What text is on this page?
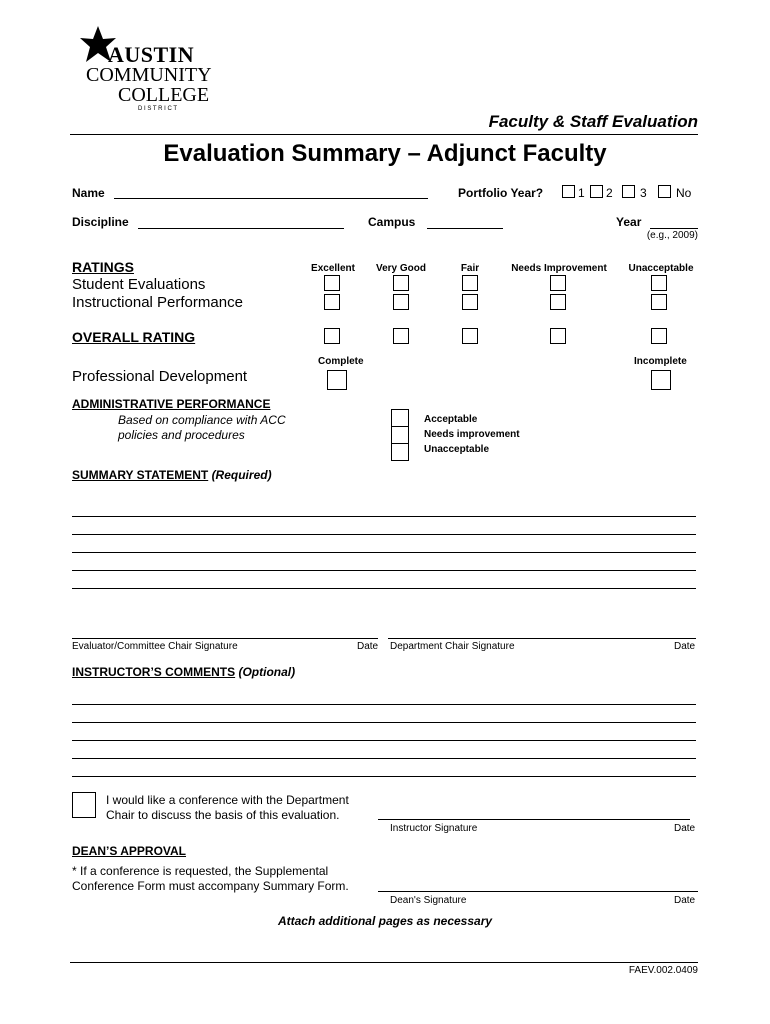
AUSTIN
COMMUNITY
COLLEGE
D I S T R I C T
Faculty & Staff Evaluation
Evaluation Summary – Adjunct Faculty
Name	Portfolio Year?	1 2 3 No
Discipline	Campus	Year
(e.g., 2009)
RATINGS	Excellent	Very Good	Fair	Needs Improvement	Unacceptable
Student Evaluations
Instructional Performance
OVERALL RATING
Complete	Incomplete
Professional Development
ADMINISTRATIVE PERFORMANCE
Based on compliance with ACC
policies and procedures
Acceptable
Needs improvement
Unacceptable
SUMMARY STATEMENT (Required)
Evaluator/Committee Chair Signature	Date Department Chair Signature	Date
INSTRUCTOR’S COMMENTS (Optional)
I would like a conference with the Department
Chair to discuss the basis of this evaluation.
Instructor Signature	Date
DEAN’S APPROVAL
* If a conference is requested, the Supplemental
Conference Form must accompany Summary Form.
Dean's Signature	Date
Attach additional pages as necessary
FAEV.002.0409
